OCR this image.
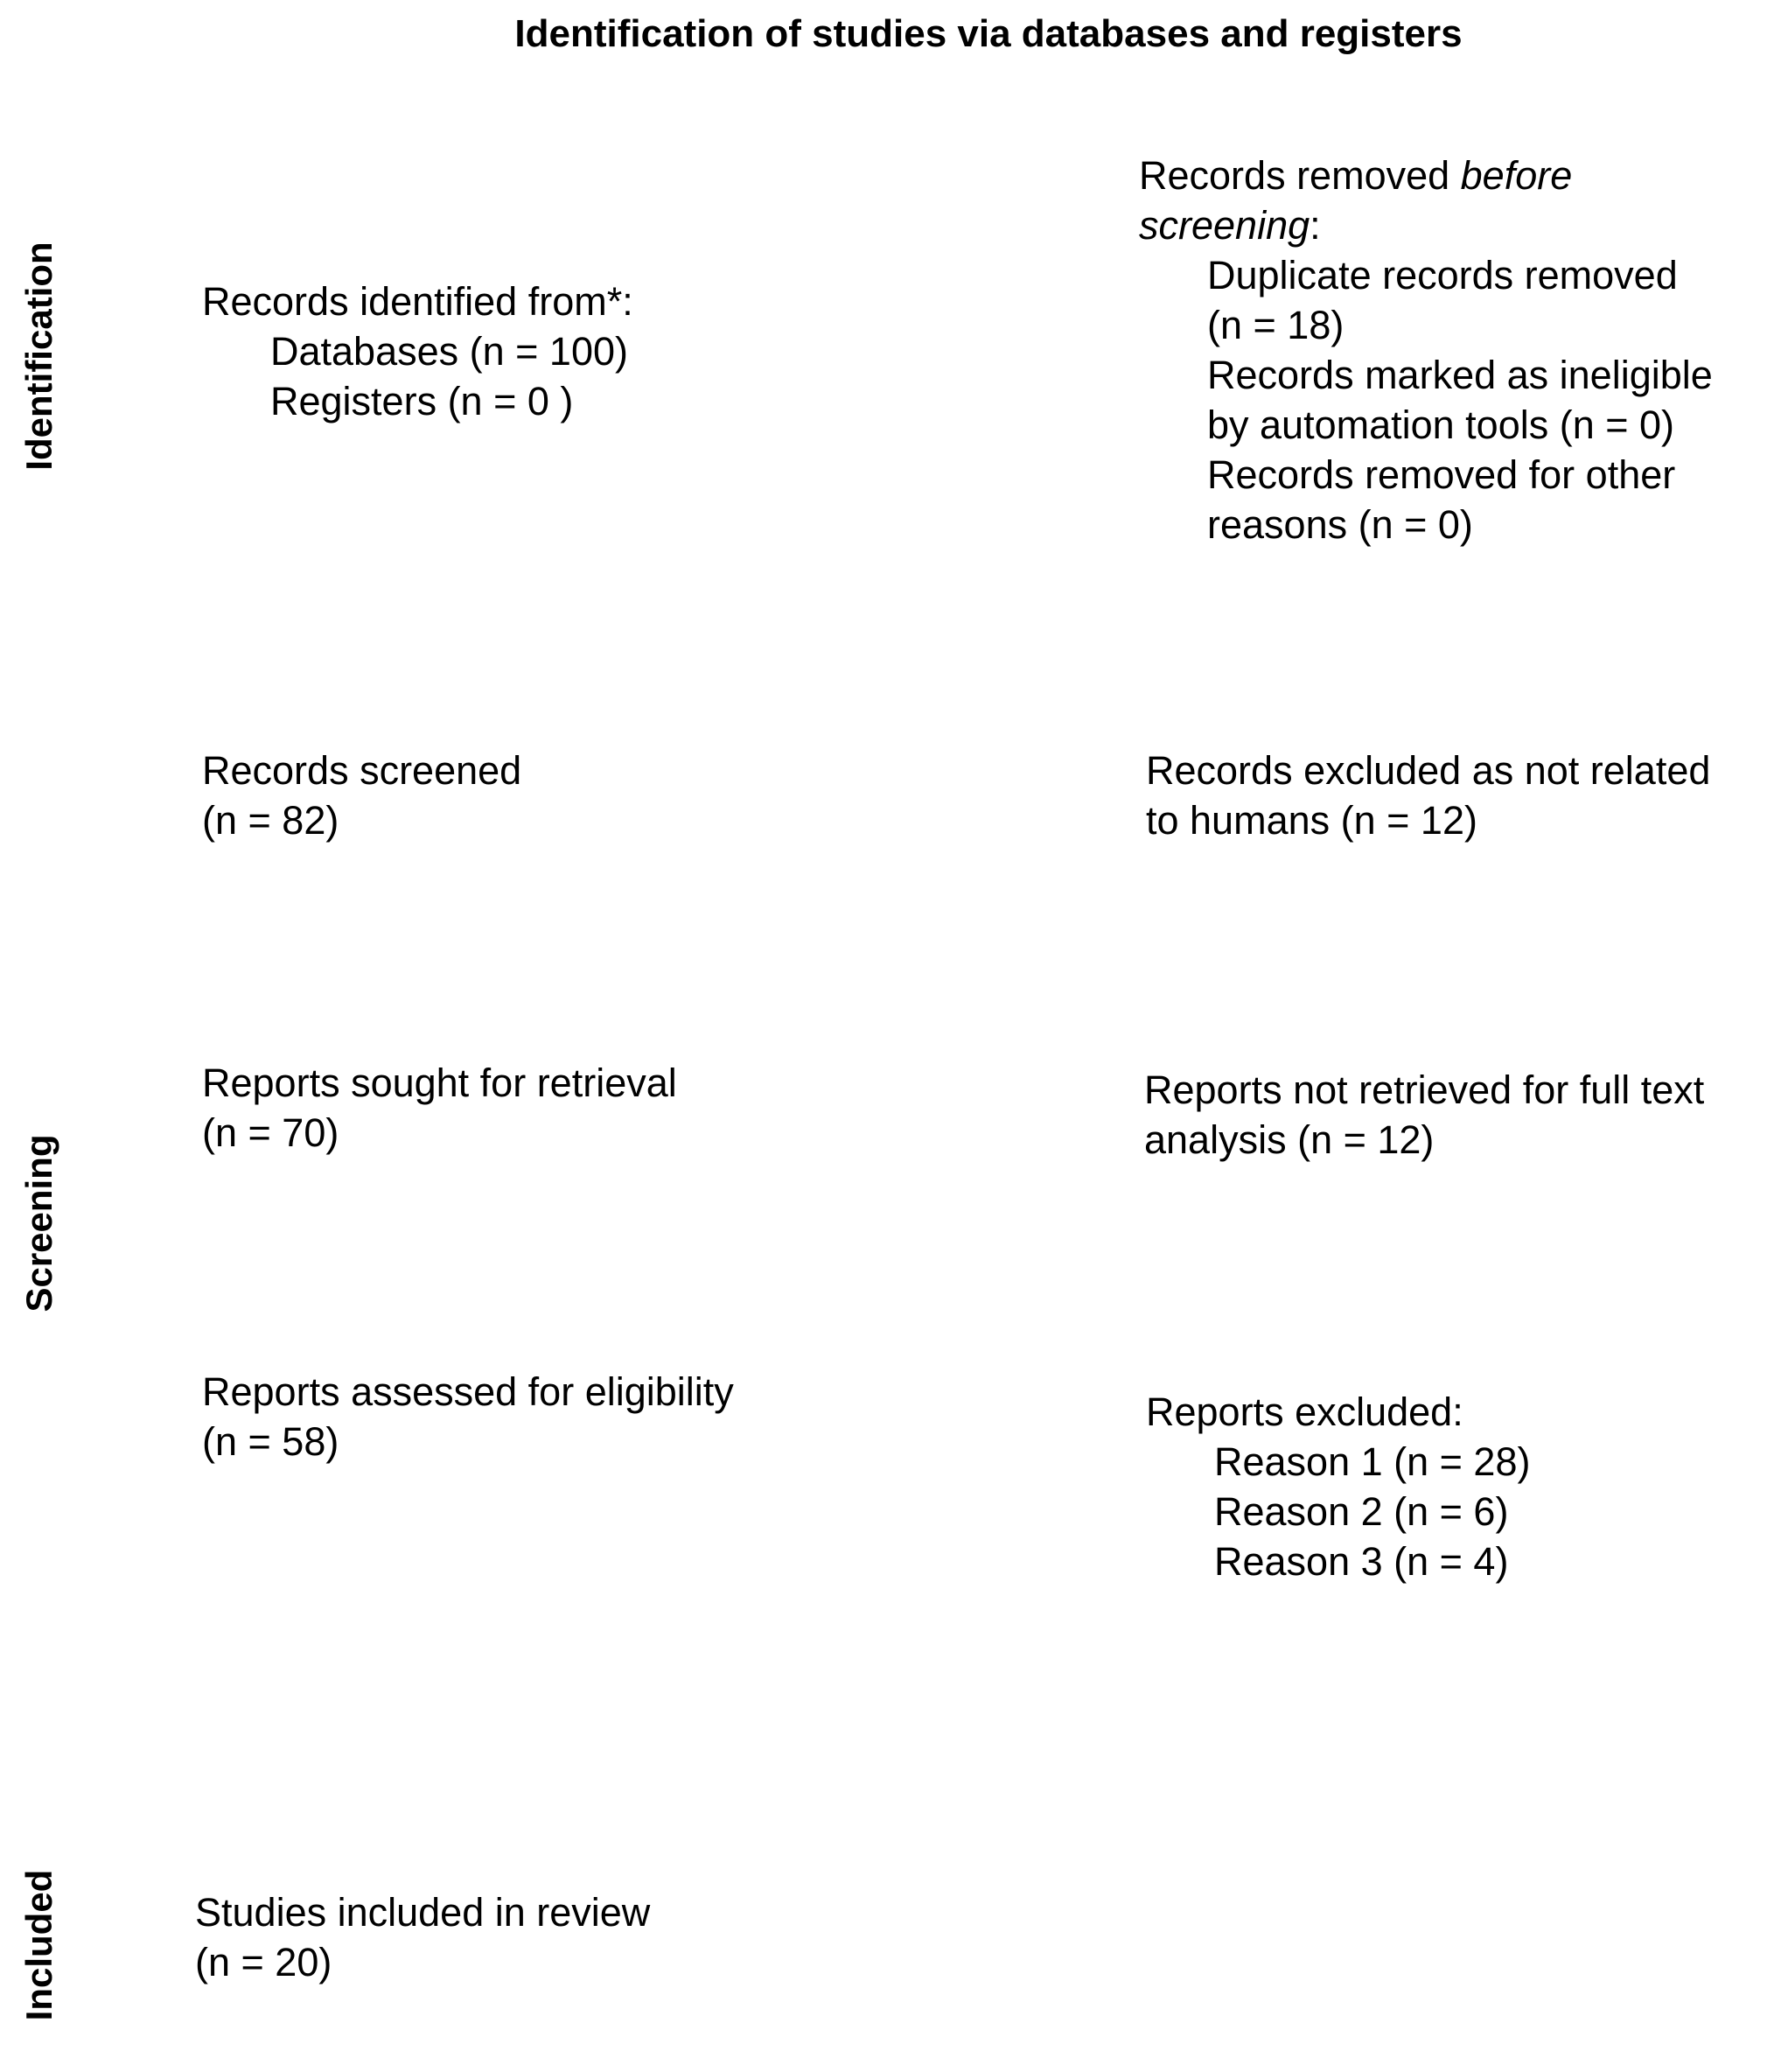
Identification of studies via databases and registers
Identification
Screening
Included
Records identified from*:
Databases (n = 100)
Registers (n = 0 )
Records removed before
screening:
Duplicate records removed
(n = 18)
Records marked as ineligible
by automation tools (n = 0)
Records removed for other
reasons (n = 0)
Records screened
(n = 82)
Records excluded as not related
to humans (n = 12)
Reports sought for retrieval
(n = 70)
Reports not retrieved for full text
analysis (n = 12)
Reports assessed for eligibility
(n = 58)
Reports excluded:
Reason 1 (n = 28)
Reason 2 (n = 6)
Reason 3 (n = 4)
Studies included in review
(n = 20)
